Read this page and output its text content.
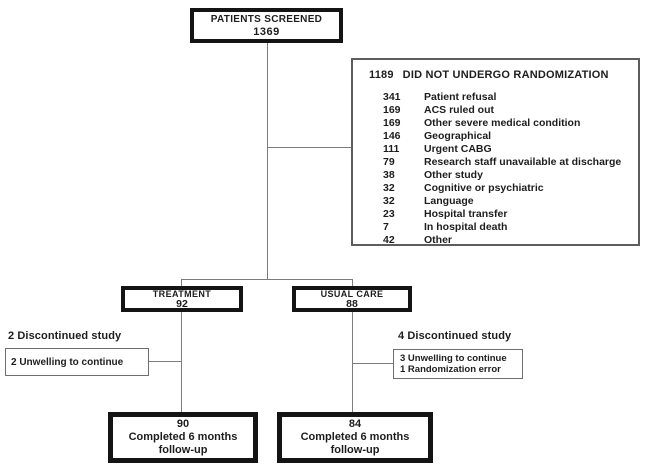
PATIENTS SCREENED
1369
1189 DID NOT UNDERGO RANDOMIZATION
341	Patient refusal
169	ACS ruled out
169	Other severe medical condition
146	Geographical
111	Urgent CABG
79	Research staff unavailable at discharge
38	Other study
32	Cognitive or psychiatric
32	Language
23	Hospital transfer
7	In hospital death
42	Other
TREATMENT
92
USUAL CARE
88
2 Discontinued study
2 Unwelling to continue
4 Discontinued study
3 Unwelling to continue
1 Randomization error
90
Completed 6 months
follow-up
84
Completed 6 months
follow-up
